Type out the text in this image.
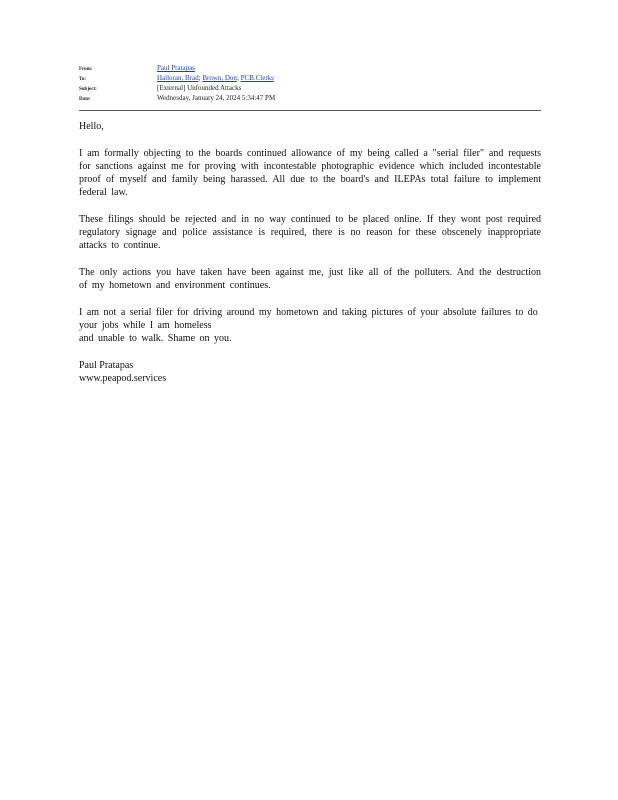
From:	Paul Pratapas
To:	Halloran, Brad; Brown, Don; PCB.Clerks
Subject:	[External] Unfounded Attacks
Date:	Wednesday, January 24, 2024 5:34:47 PM

Hello,

I am formally objecting to the boards continued allowance of my being called a "serial filer" and requests for sanctions against me for proving with incontestable photographic evidence which included incontestable proof of myself and family being harassed. All due to the board's and ILEPAs total failure to implement federal law.

These filings should be rejected and in no way continued to be placed online. If they wont post required regulatory signage and police assistance is required, there is no reason for these obscenely inappropriate attacks to continue.

The only actions you have taken have been against me, just like all of the polluters. And the destruction of my hometown and environment continues.

I am not a serial filer for driving around my hometown and taking pictures of your absolute failures to do your jobs while I am homeless
and unable to walk. Shame on you.

Paul Pratapas

www.peapod.services
